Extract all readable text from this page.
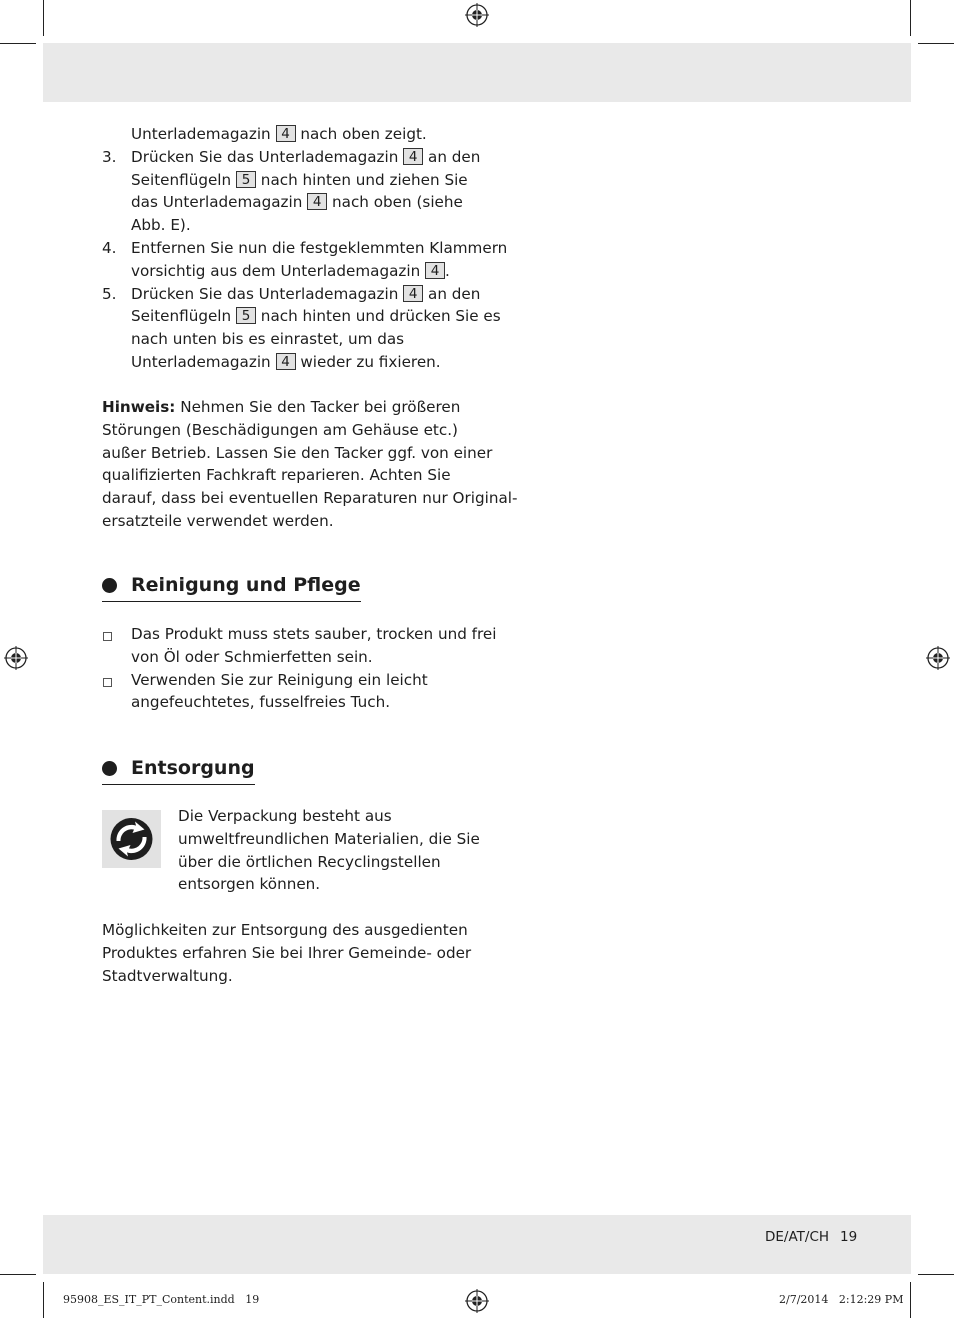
Unterlademagazin 4 nach oben zeigt.
3. Drücken Sie das Unterlademagazin 4 an den
Seitenflügeln 5 nach hinten und ziehen Sie
das Unterlademagazin 4 nach oben (siehe
Abb. E).
4. Entfernen Sie nun die festgeklemmten Klammern
vorsichtig aus dem Unterlademagazin 4 .
5. Drücken Sie das Unterlademagazin 4 an den
Seitenflügeln 5 nach hinten und drücken Sie es
nach unten bis es einrastet, um das
Unterlademagazin 4 wieder zu fixieren.
Hinweis: Nehmen Sie den Tacker bei größeren
Störungen (Beschädigungen am Gehäuse etc.)
außer Betrieb. Lassen Sie den Tacker ggf. von einer
qualifizierten Fachkraft reparieren. Achten Sie
darauf, dass bei eventuellen Reparaturen nur Original-
ersatzteile verwendet werden.
Reinigung und Pflege
Das Produkt muss stets sauber, trocken und frei
von Öl oder Schmierfetten sein.
Verwenden Sie zur Reinigung ein leicht
angefeuchtetes, fusselfreies Tuch.
Entsorgung
Die Verpackung besteht aus
umweltfreundlichen Materialien, die Sie
über die örtlichen Recyclingstellen
entsorgen können.
Möglichkeiten zur Entsorgung des ausgedienten
Produktes erfahren Sie bei Ihrer Gemeinde- oder
Stadtverwaltung.
DE/AT/CH 19
95908_ES_IT_PT_Content.indd   19	2/7/2014   2:12:29 PM
